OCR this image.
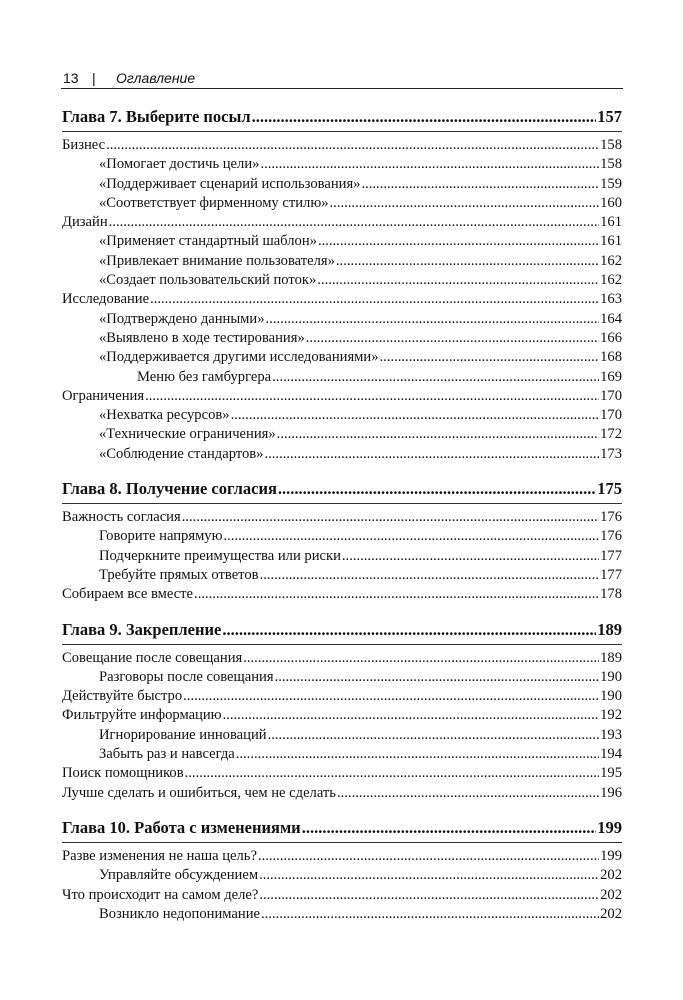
13 | Оглавление
Глава 7. Выберите посыл .....	157
Бизнес .....	158
«Помогает достичь цели» .....	158
«Поддерживает сценарий использования» .....	159
«Соответствует фирменному стилю» .....	160
Дизайн .....	161
«Применяет стандартный шаблон» .....	161
«Привлекает внимание пользователя» .....	162
«Создает пользовательский поток» .....	162
Исследование .....	163
«Подтверждено данными» .....	164
«Выявлено в ходе тестирования» .....	166
«Поддерживается другими исследованиями» .....	168
Меню без гамбургера .....	169
Ограничения .....	170
«Нехватка ресурсов» .....	170
«Технические ограничения» .....	172
«Соблюдение стандартов» .....	173
Глава 8. Получение согласия .....	175
Важность согласия .....	176
Говорите напрямую .....	176
Подчеркните преимущества или риски .....	177
Требуйте прямых ответов .....	177
Собираем все вместе .....	178
Глава 9. Закрепление .....	189
Совещание после совещания .....	189
Разговоры после совещания .....	190
Действуйте быстро .....	190
Фильтруйте информацию .....	192
Игнорирование инноваций .....	193
Забыть раз и навсегда .....	194
Поиск помощников .....	195
Лучше сделать и ошибиться, чем не сделать .....	196
Глава 10. Работа с изменениями .....	199
Разве изменения не наша цель? .....	199
Управляйте обсуждением .....	202
Что происходит на самом деле? .....	202
Возникло недопонимание .....	202
